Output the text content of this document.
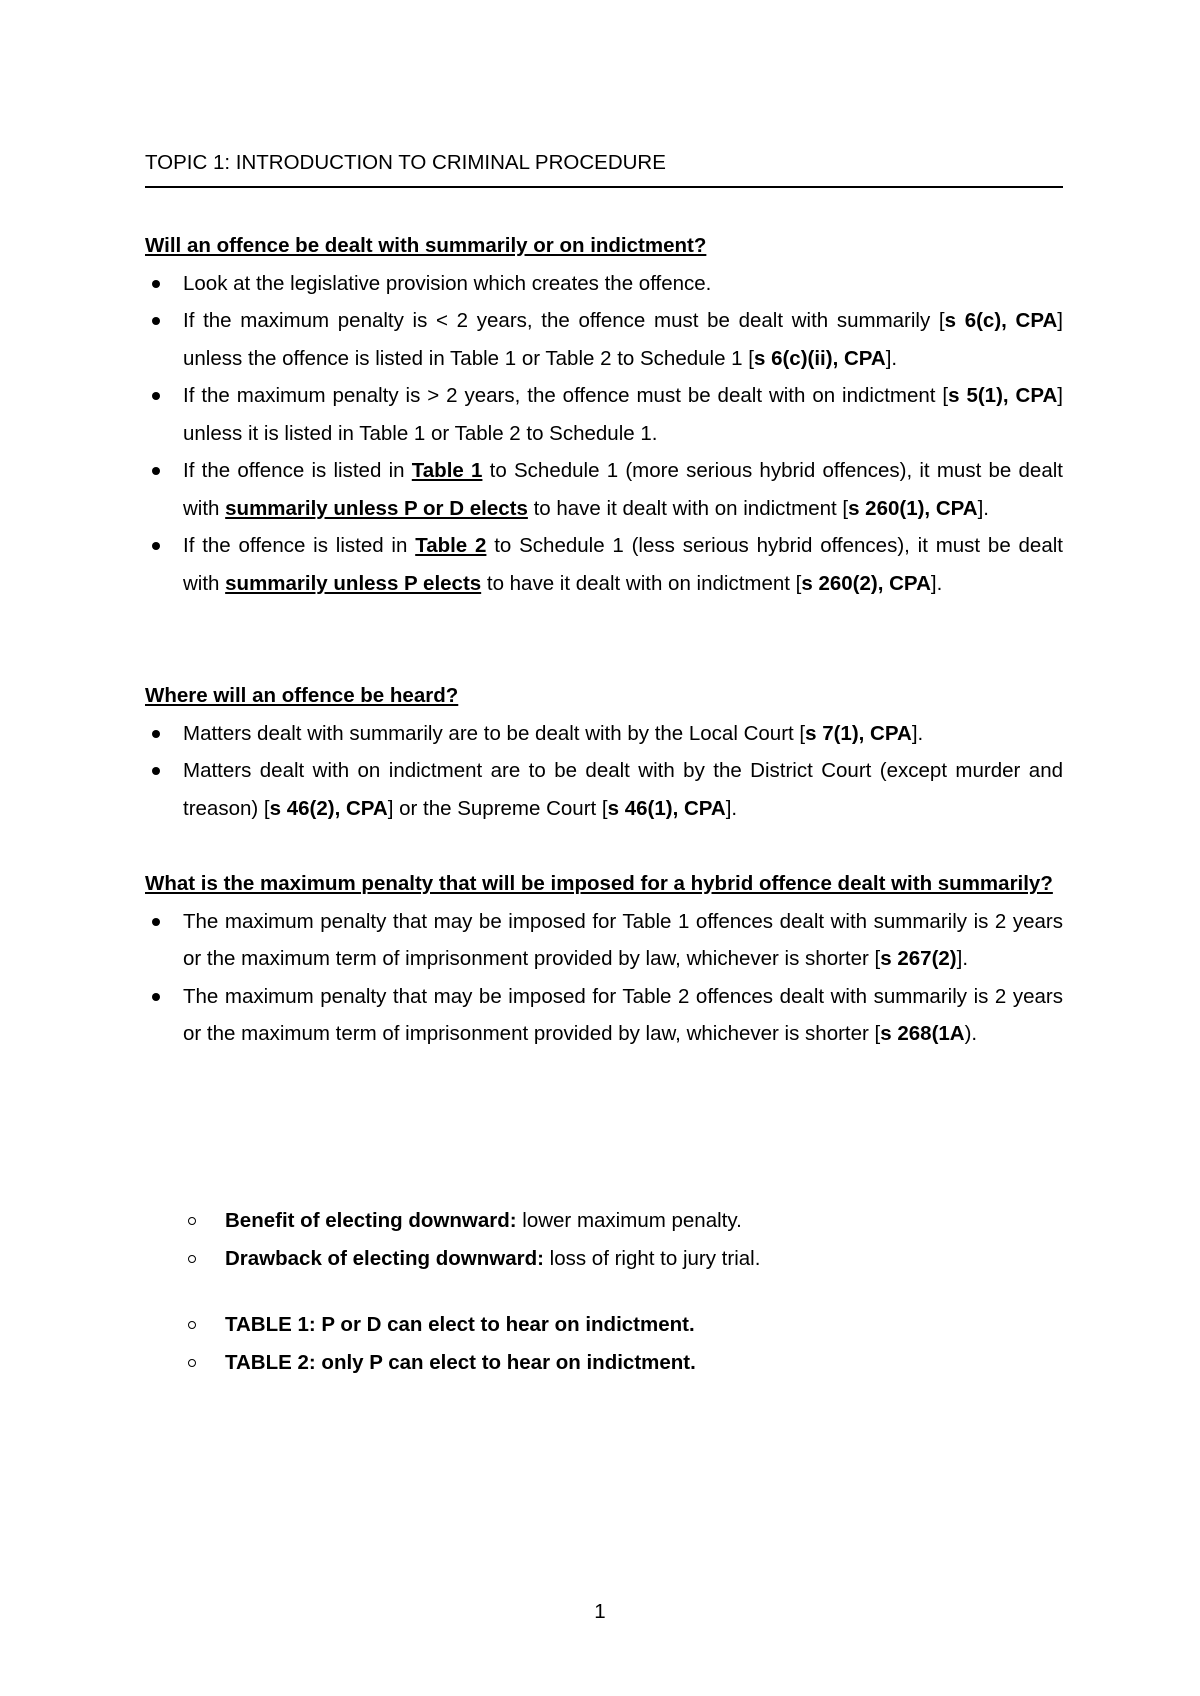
TOPIC 1: INTRODUCTION TO CRIMINAL PROCEDURE

Will an offence be dealt with summarily or on indictment?

Look at the legislative provision which creates the offence.
If the maximum penalty is < 2 years, the offence must be dealt with summarily [s 6(c), CPA] unless the offence is listed in Table 1 or Table 2 to Schedule 1 [s 6(c)(ii), CPA].
If the maximum penalty is > 2 years, the offence must be dealt with on indictment [s 5(1), CPA] unless it is listed in Table 1 or Table 2 to Schedule 1.
If the offence is listed in Table 1 to Schedule 1 (more serious hybrid offences), it must be dealt with summarily unless P or D elects to have it dealt with on indictment [s 260(1), CPA].
If the offence is listed in Table 2 to Schedule 1 (less serious hybrid offences), it must be dealt with summarily unless P elects to have it dealt with on indictment [s 260(2), CPA].

Where will an offence be heard?

Matters dealt with summarily are to be dealt with by the Local Court [s 7(1), CPA].
Matters dealt with on indictment are to be dealt with by the District Court (except murder and treason) [s 46(2), CPA] or the Supreme Court [s 46(1), CPA].

What is the maximum penalty that will be imposed for a hybrid offence dealt with summarily?

The maximum penalty that may be imposed for Table 1 offences dealt with summarily is 2 years or the maximum term of imprisonment provided by law, whichever is shorter [s 267(2)].
The maximum penalty that may be imposed for Table 2 offences dealt with summarily is 2 years or the maximum term of imprisonment provided by law, whichever is shorter [s 268(1A).
Benefit of electing downward: lower maximum penalty.
Drawback of electing downward: loss of right to jury trial.
TABLE 1: P or D can elect to hear on indictment.
TABLE 2: only P can elect to hear on indictment.
1
